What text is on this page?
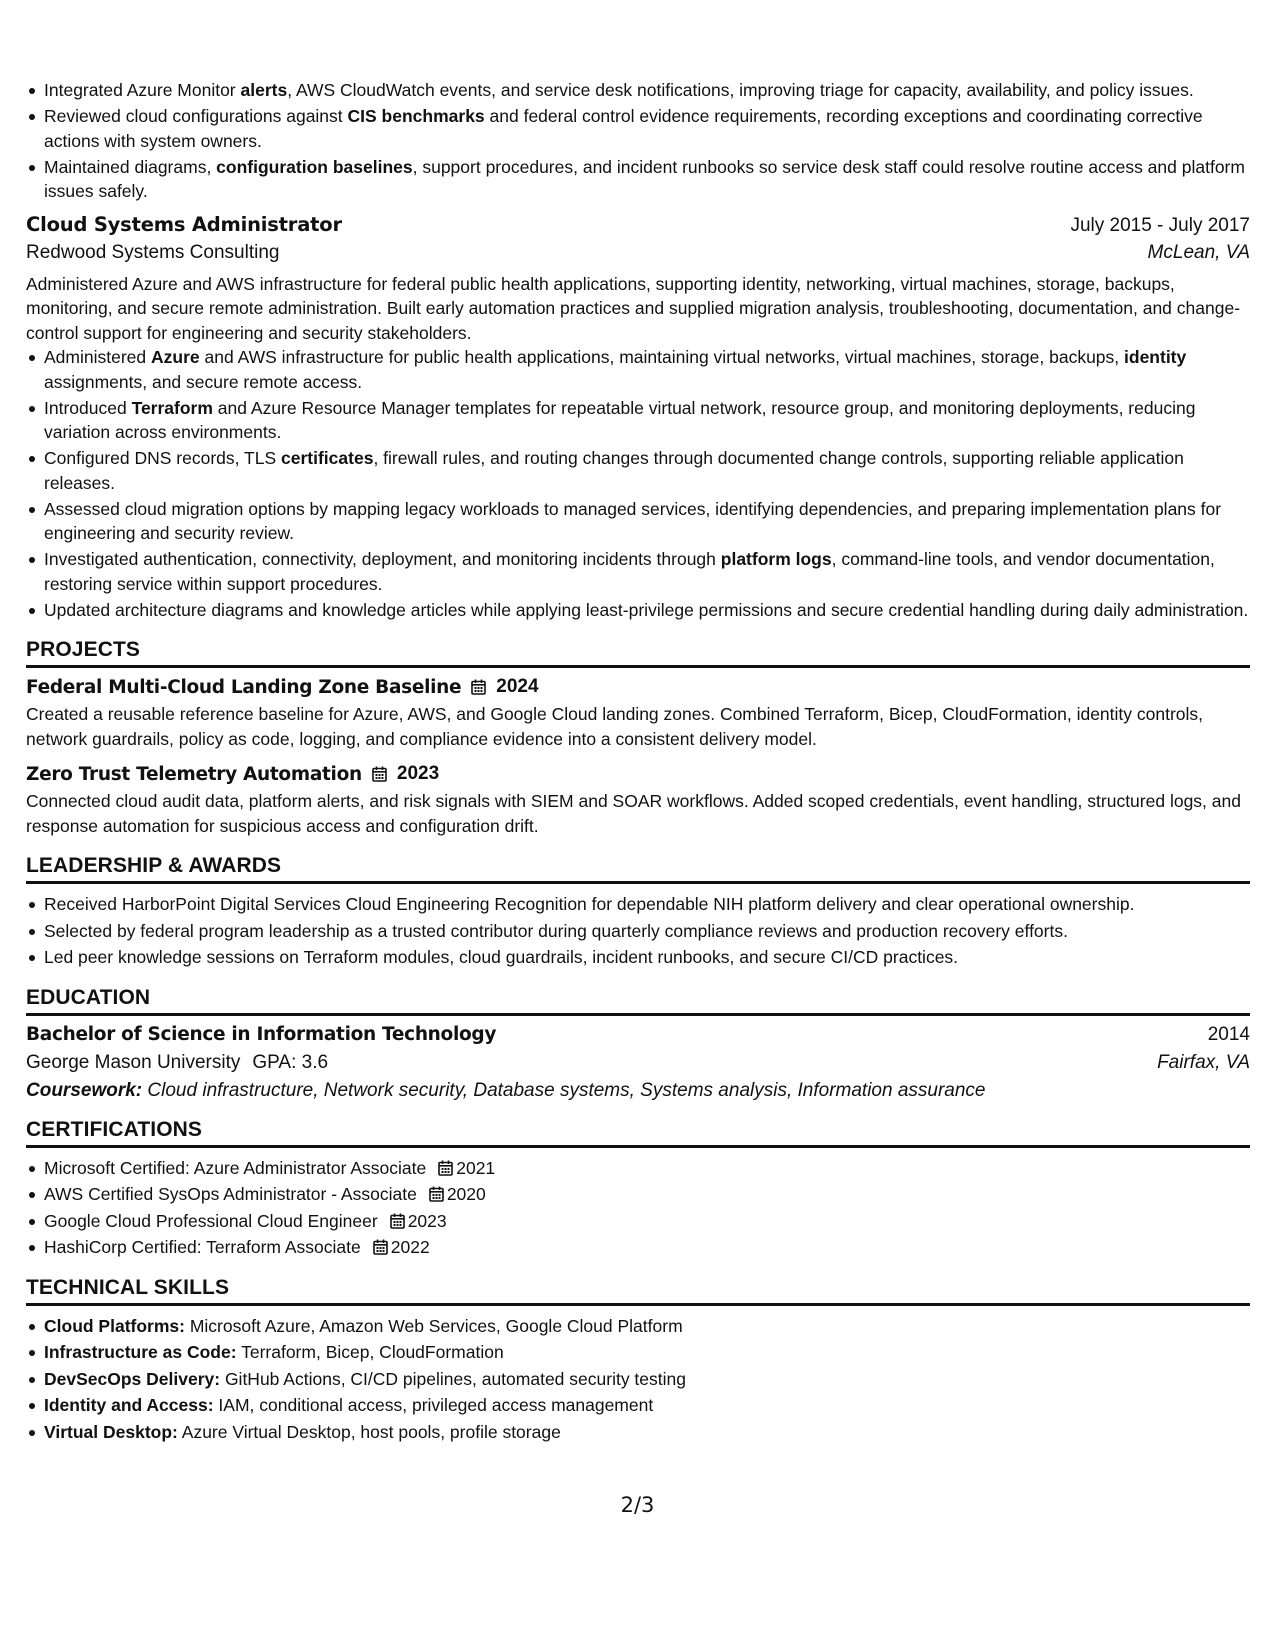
Integrated Azure Monitor alerts, AWS CloudWatch events, and service desk notifications, improving triage for capacity, availability, and policy issues.
Reviewed cloud configurations against CIS benchmarks and federal control evidence requirements, recording exceptions and coordinating corrective actions with system owners.
Maintained diagrams, configuration baselines, support procedures, and incident runbooks so service desk staff could resolve routine access and platform issues safely.
Cloud Systems Administrator	July 2015 - July 2017
Redwood Systems Consulting	McLean, VA
Administered Azure and AWS infrastructure for federal public health applications, supporting identity, networking, virtual machines, storage, backups, monitoring, and secure remote administration. Built early automation practices and supplied migration analysis, troubleshooting, documentation, and change-control support for engineering and security stakeholders.
Administered Azure and AWS infrastructure for public health applications, maintaining virtual networks, virtual machines, storage, backups, identity assignments, and secure remote access.
Introduced Terraform and Azure Resource Manager templates for repeatable virtual network, resource group, and monitoring deployments, reducing variation across environments.
Configured DNS records, TLS certificates, firewall rules, and routing changes through documented change controls, supporting reliable application releases.
Assessed cloud migration options by mapping legacy workloads to managed services, identifying dependencies, and preparing implementation plans for engineering and security review.
Investigated authentication, connectivity, deployment, and monitoring incidents through platform logs, command-line tools, and vendor documentation, restoring service within support procedures.
Updated architecture diagrams and knowledge articles while applying least-privilege permissions and secure credential handling during daily administration.
PROJECTS
Federal Multi-Cloud Landing Zone Baseline 2024
Created a reusable reference baseline for Azure, AWS, and Google Cloud landing zones. Combined Terraform, Bicep, CloudFormation, identity controls, network guardrails, policy as code, logging, and compliance evidence into a consistent delivery model.
Zero Trust Telemetry Automation 2023
Connected cloud audit data, platform alerts, and risk signals with SIEM and SOAR workflows. Added scoped credentials, event handling, structured logs, and response automation for suspicious access and configuration drift.
LEADERSHIP & AWARDS
Received HarborPoint Digital Services Cloud Engineering Recognition for dependable NIH platform delivery and clear operational ownership.
Selected by federal program leadership as a trusted contributor during quarterly compliance reviews and production recovery efforts.
Led peer knowledge sessions on Terraform modules, cloud guardrails, incident runbooks, and secure CI/CD practices.
EDUCATION
Bachelor of Science in Information Technology	2014
George Mason University GPA: 3.6	Fairfax, VA
Coursework: Cloud infrastructure, Network security, Database systems, Systems analysis, Information assurance
CERTIFICATIONS
Microsoft Certified: Azure Administrator Associate 2021
AWS Certified SysOps Administrator - Associate 2020
Google Cloud Professional Cloud Engineer 2023
HashiCorp Certified: Terraform Associate 2022
TECHNICAL SKILLS
Cloud Platforms: Microsoft Azure, Amazon Web Services, Google Cloud Platform
Infrastructure as Code: Terraform, Bicep, CloudFormation
DevSecOps Delivery: GitHub Actions, CI/CD pipelines, automated security testing
Identity and Access: IAM, conditional access, privileged access management
Virtual Desktop: Azure Virtual Desktop, host pools, profile storage
2/3
